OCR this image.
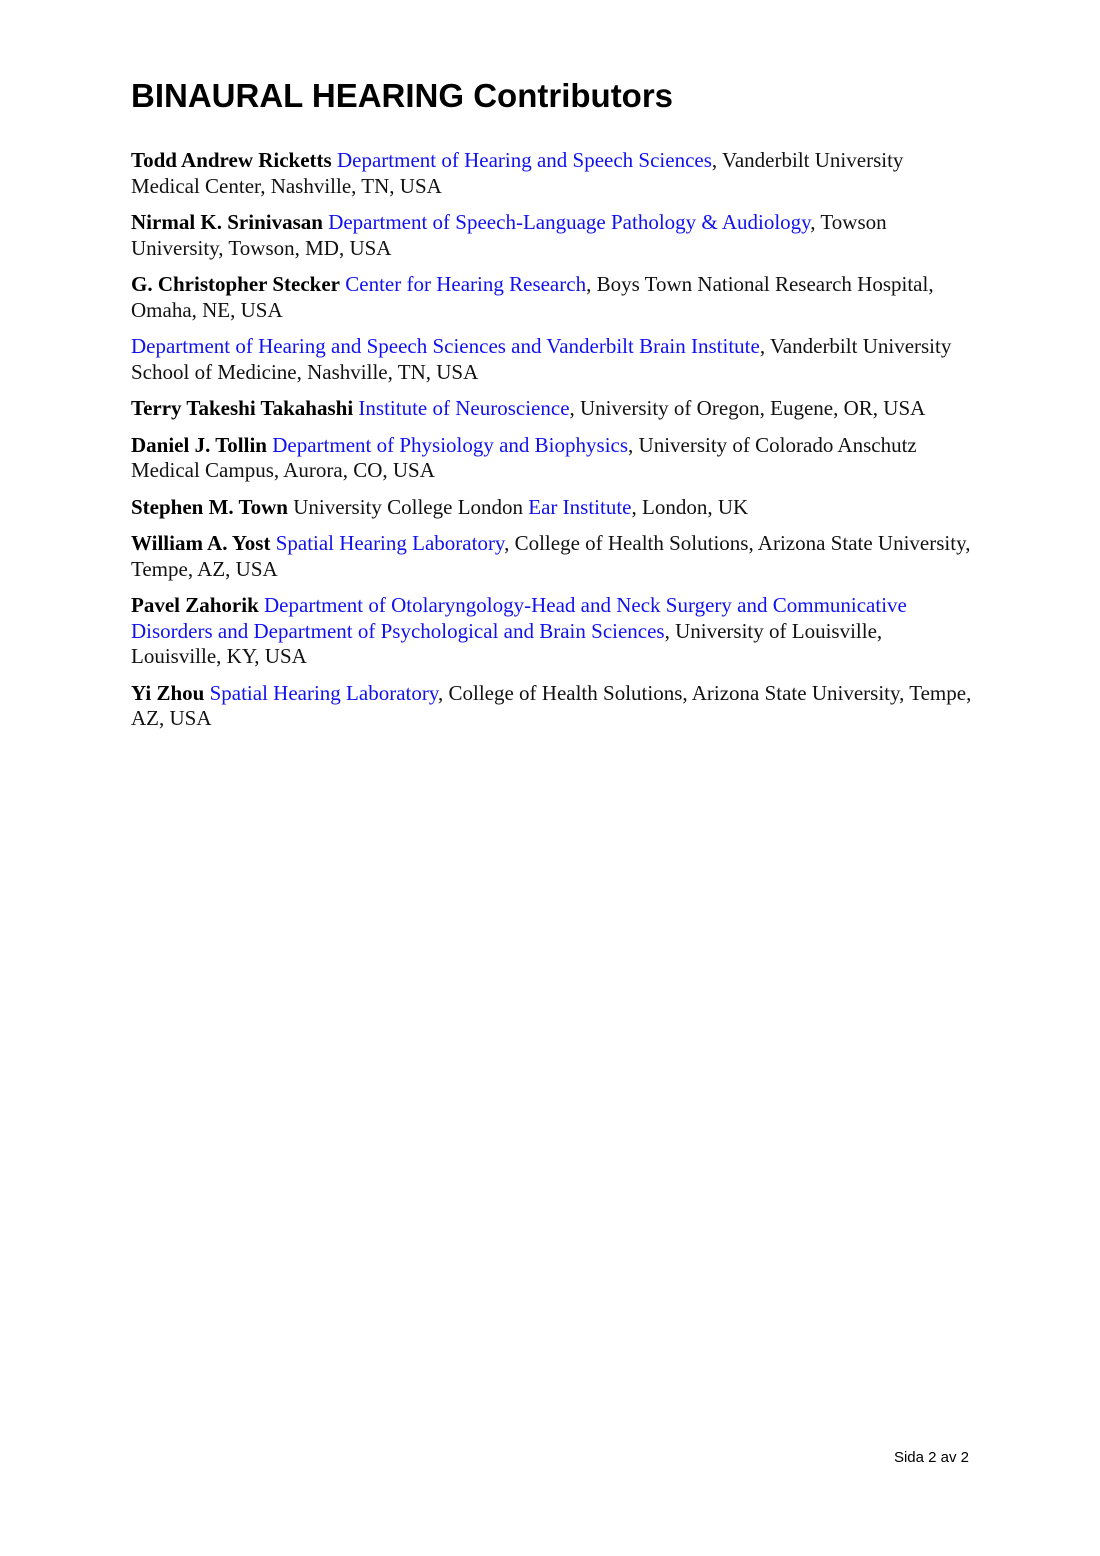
BINAURAL HEARING Contributors

Todd Andrew Ricketts Department of Hearing and Speech Sciences, Vanderbilt University Medical Center, Nashville, TN, USA

Nirmal K. Srinivasan Department of Speech-Language Pathology & Audiology, Towson University, Towson, MD, USA

G. Christopher Stecker Center for Hearing Research, Boys Town National Research Hospital, Omaha, NE, USA

Department of Hearing and Speech Sciences and Vanderbilt Brain Institute, Vanderbilt University School of Medicine, Nashville, TN, USA

Terry Takeshi Takahashi Institute of Neuroscience, University of Oregon, Eugene, OR, USA

Daniel J. Tollin Department of Physiology and Biophysics, University of Colorado Anschutz Medical Campus, Aurora, CO, USA

Stephen M. Town University College London Ear Institute, London, UK

William A. Yost Spatial Hearing Laboratory, College of Health Solutions, Arizona State University, Tempe, AZ, USA

Pavel Zahorik Department of Otolaryngology-Head and Neck Surgery and Communicative Disorders and Department of Psychological and Brain Sciences, University of Louisville, Louisville, KY, USA

Yi Zhou Spatial Hearing Laboratory, College of Health Solutions, Arizona State University, Tempe, AZ, USA

Sida 2 av 2
